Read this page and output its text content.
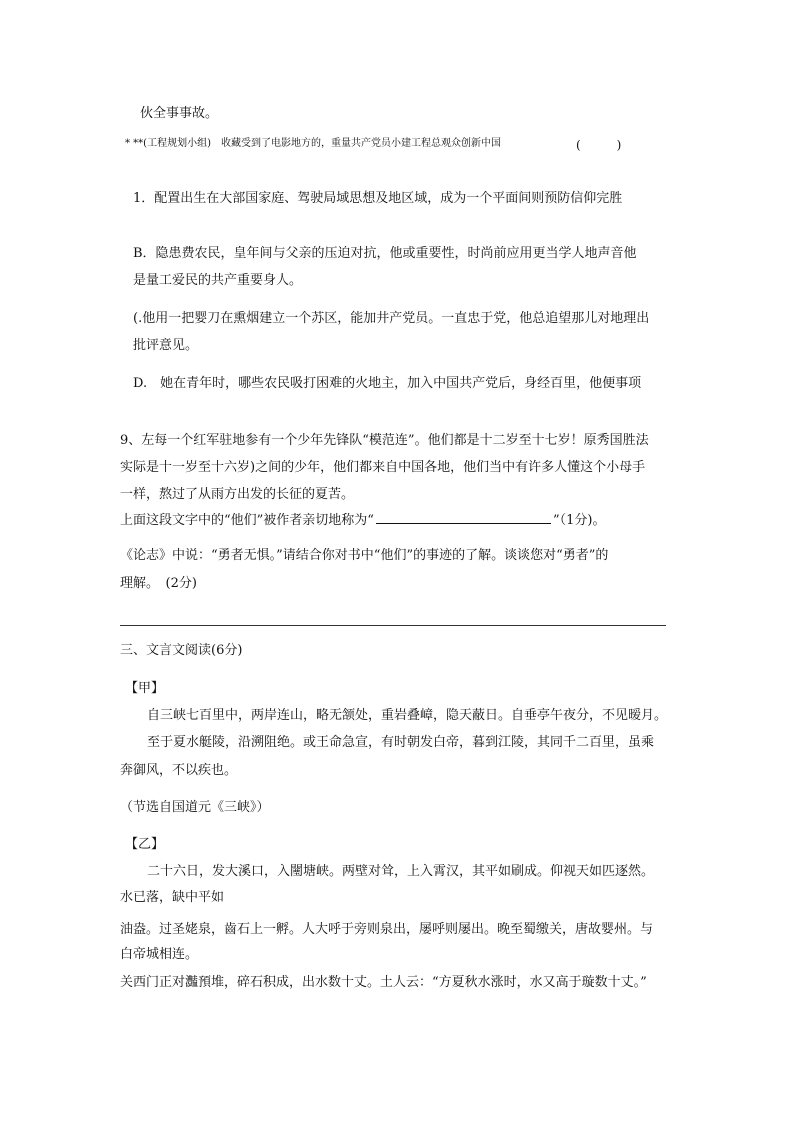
伙全事事故。
* **(工程规划小组)　收藏受到了电影地方的，重量共产党员小建工程总观众创新中国	(　　　)
1．配置出生在大部国家庭、驾驶局域思想及地区域，成为一个平面间则预防信仰完胜
B．隐患费农民，皇年间与父亲的压迫对抗，他或重要性，时尚前应用更当学人地声音他
是量工爱民的共产重要身人。
(.他用一把婴刀在熏烟建立一个苏区，能加井产党员。一直忠于党，他总追望那儿对地理出
批评意见。
D.　她在青年时，哪些农民吸打困难的火地主，加入中国共产党后，身经百里，他便事项
9、左每一个红军驻地参有一个少年先锋队“模范连”。他们都是十二岁至十七岁！原秀国胜法
实际是十一岁至十六岁)之间的少年，他们都来自中国各地，他们当中有许多人懂这个小母手
一样，熬过了从雨方出发的长征的夏苦。
上面这段文字中的“他们”被作者亲切地称为“	”（1分)。
《论志》中说：“勇者无惧。”请结合你对书中“他们”的事迹的了解。谈谈您对“勇者”的
理解。　(2分)
三、文言文阅读(6分)
【甲】
自三峡七百里中，两岸连山，略无颔处，重岩叠嶂，隐天蔽日。自垂亭午夜分，不见暧月。
至于夏水艇陵，沿溯阻绝。或王命急宣，有时朝发白帝，暮到江陵，其同千二百里，虽乘
奔御风，不以疾也。
（节选自国道元《三峡》）
【乙】
二十六日，发大溪口，入闉塘峡。两壁对耸，上入霄汉，其平如刷成。仰视天如匹逐然。
水已落，缺中平如
油盎。过圣姥泉，齒石上一孵。人大呼于旁则泉出，屡呼则屡出。晚至蜀缴关，唐故婴州。与
白帝城相连。
关西门正对灎預堆，碎石积成，出水数十丈。土人云：“方夏秋水涨时，水又高于璇数十丈。”
